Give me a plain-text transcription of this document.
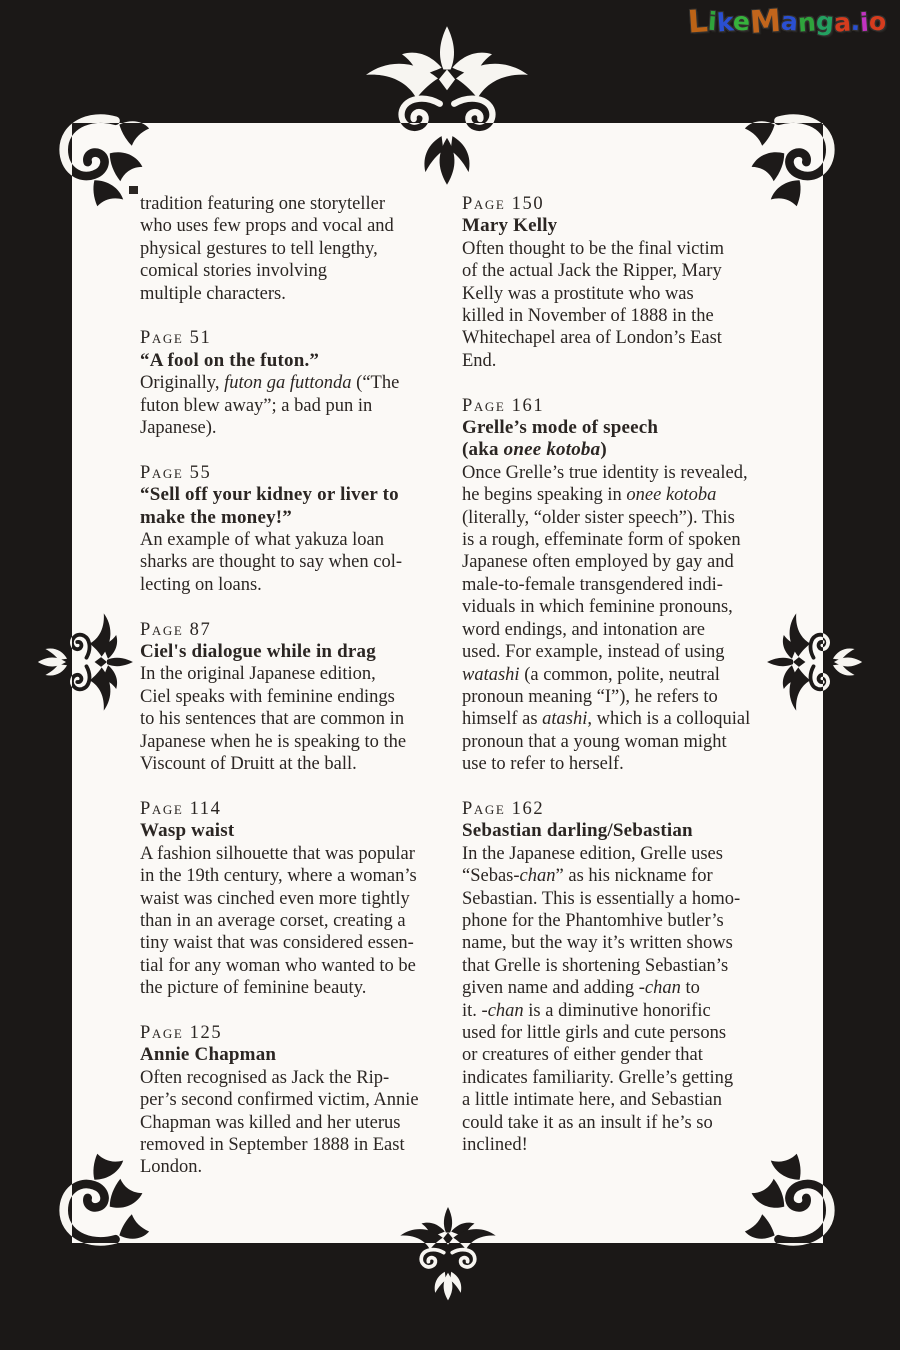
tradition featuring one storyteller
who uses few props and vocal and
physical gestures to tell lengthy,
comical stories involving
multiple characters.

Page 51
“A fool on the futon.”

Originally, futon ga futtonda (“The
futon blew away”; a bad pun in
Japanese).

Page 55
“Sell off your kidney or liver to
make the money!”

An example of what yakuza loan
sharks are thought to say when col-
lecting on loans.

Page 87
Ciel's dialogue while in drag

In the original Japanese edition,
Ciel speaks with feminine endings
to his sentences that are common in
Japanese when he is speaking to the
Viscount of Druitt at the ball.

Page 114
Wasp waist

A fashion silhouette that was popular
in the 19th century, where a woman’s
waist was cinched even more tightly
than in an average corset, creating a
tiny waist that was considered essen-
tial for any woman who wanted to be
the picture of feminine beauty.

Page 125
Annie Chapman

Often recognised as Jack the Rip-
per’s second confirmed victim, Annie
Chapman was killed and her uterus
removed in September 1888 in East
London.

Page 150
Mary Kelly

Often thought to be the final victim
of the actual Jack the Ripper, Mary
Kelly was a prostitute who was
killed in November of 1888 in the
Whitechapel area of London’s East
End.

Page 161
Grelle’s mode of speech
(aka onee kotoba)

Once Grelle’s true identity is revealed,
he begins speaking in onee kotoba
(literally, “older sister speech”). This
is a rough, effeminate form of spoken
Japanese often employed by gay and
male-to-female transgendered indi-
viduals in which feminine pronouns,
word endings, and intonation are
used. For example, instead of using
watashi (a common, polite, neutral
pronoun meaning “I”), he refers to
himself as atashi, which is a colloquial
pronoun that a young woman might
use to refer to herself.

Page 162
Sebastian darling/Sebastian

In the Japanese edition, Grelle uses
“Sebas-chan” as his nickname for
Sebastian. This is essentially a homo-
phone for the Phantomhive butler’s
name, but the way it’s written shows
that Grelle is shortening Sebastian’s
given name and adding -chan to
it. -chan is a diminutive honorific
used for little girls and cute persons
or creatures of either gender that
indicates familiarity. Grelle’s getting
a little intimate here, and Sebastian
could take it as an insult if he’s so
inclined!

L
i
k
e
M
a
n
g
a
.
i
o
